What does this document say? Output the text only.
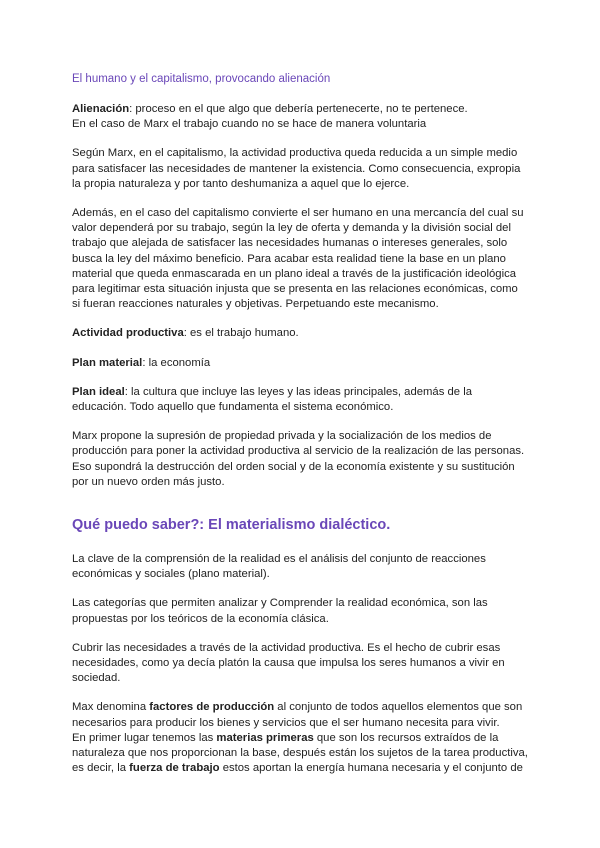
El humano y el capitalismo, provocando alienación

Alienación: proceso en el que algo que debería pertenecerte, no te pertenece.
En el caso de Marx el trabajo cuando no se hace de manera voluntaria

Según Marx, en el capitalismo, la actividad productiva queda reducida a un simple medio para satisfacer las necesidades de mantener la existencia. Como consecuencia, expropia la propia naturaleza y por tanto deshumaniza a aquel que lo ejerce.

Además, en el caso del capitalismo convierte el ser humano en una mercancía del cual su valor dependerá por su trabajo, según la ley de oferta y demanda y la división social del trabajo que alejada de satisfacer las necesidades humanas o intereses generales, solo busca la ley del máximo beneficio. Para acabar esta realidad tiene la base en un plano material que queda enmascarada en un plano ideal a través de la justificación ideológica para legitimar esta situación injusta que se presenta en las relaciones económicas, como si fueran reacciones naturales y objetivas. Perpetuando este mecanismo.

Actividad productiva: es el trabajo humano.

Plan material: la economía

Plan ideal: la cultura que incluye las leyes y las ideas principales, además de la educación. Todo aquello que fundamenta el sistema económico.

Marx propone la supresión de propiedad privada y la socialización de los medios de producción para poner la actividad productiva al servicio de la realización de las personas. Eso supondrá la destrucción del orden social y de la economía existente y su sustitución por un nuevo orden más justo.

Qué puedo saber?: El materialismo dialéctico.

La clave de la comprensión de la realidad es el análisis del conjunto de reacciones económicas y sociales (plano material).

Las categorías que permiten analizar y Comprender la realidad económica, son las propuestas por los teóricos de la economía clásica.

Cubrir las necesidades a través de la actividad productiva. Es el hecho de cubrir esas necesidades, como ya decía platón la causa que impulsa los seres humanos a vivir en sociedad.

Max denomina factores de producción al conjunto de todos aquellos elementos que son necesarios para producir los bienes y servicios que el ser humano necesita para vivir.
En primer lugar tenemos las materias primeras que son los recursos extraídos de la naturaleza que nos proporcionan la base, después están los sujetos de la tarea productiva, es decir, la fuerza de trabajo estos aportan la energía humana necesaria y el conjunto de
